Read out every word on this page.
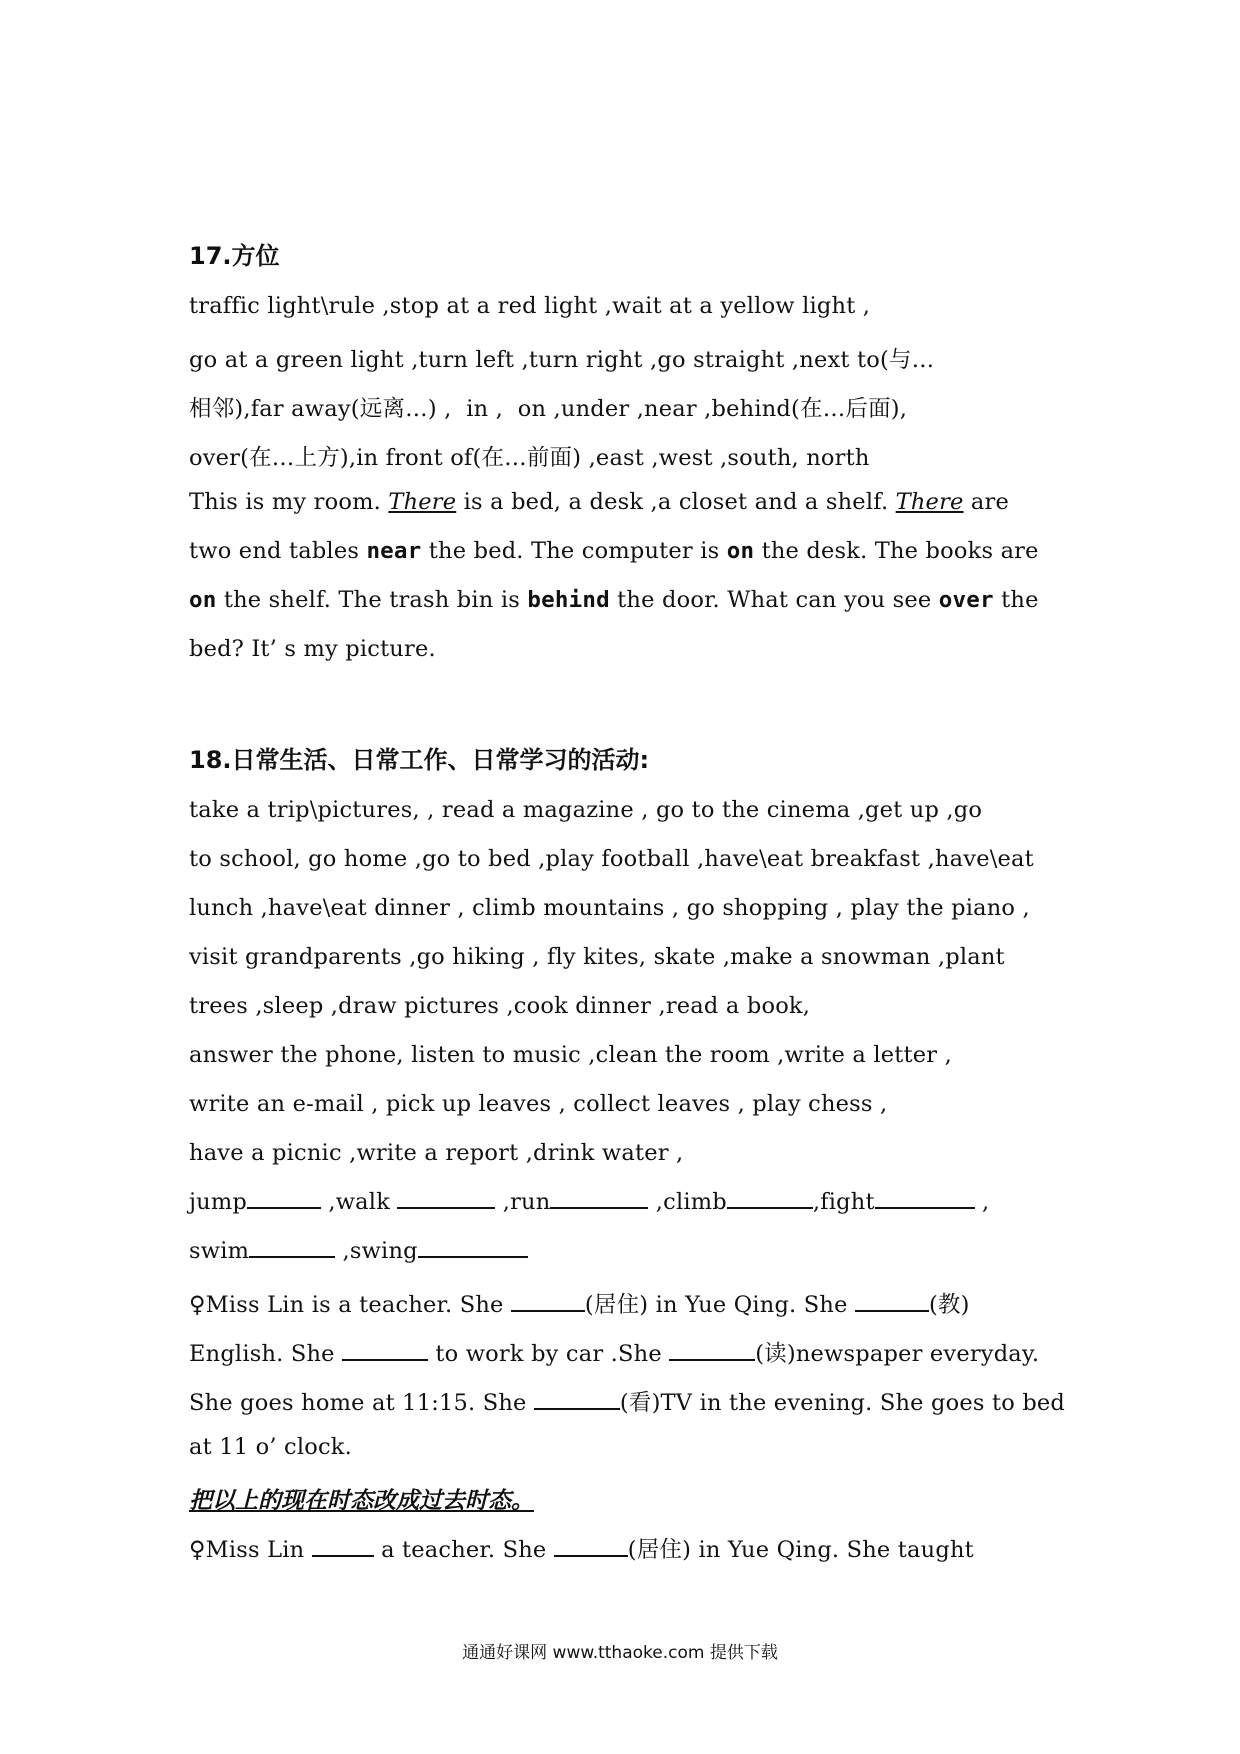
17.方位
traffic light\rule ,stop at a red light ,wait at a yellow light ,
go at a green light ,turn left ,turn right ,go straight ,next to(与…
相邻),far away(远离…) ,  in ,  on ,under ,near ,behind(在…后面),
over(在…上方),in front of(在…前面) ,east ,west ,south, north
This is my room. There is a bed, a desk ,a closet and a shelf. There are
two end tables near the bed. The computer is on the desk. The books are
on the shelf. The trash bin is behind the door. What can you see over the
bed? It’ s my picture.
18.日常生活、日常工作、日常学习的活动:
take a trip\pictures, , read a magazine , go to the cinema ,get up ,go
to school, go home ,go to bed ,play football ,have\eat breakfast ,have\eat
lunch ,have\eat dinner , climb mountains , go shopping , play the piano ,
visit grandparents ,go hiking , fly kites, skate ,make a snowman ,plant
trees ,sleep ,draw pictures ,cook dinner ,read a book,
answer the phone, listen to music ,clean the room ,write a letter ,
write an e-mail , pick up leaves , collect leaves , play chess ,
have a picnic ,write a report ,drink water ,
jump	,walk	,run	,climb	,fight	,
swim	,swing
♀Miss Lin is a teacher. She	(居住) in Yue Qing. She	(教)
English. She	to work by car .She	(读)newspaper everyday.
She goes home at 11:15. She	(看)TV in the evening. She goes to bed
at 11 o’ clock.
把以上的现在时态改成过去时态。
♀Miss Lin	a teacher. She	(居住) in Yue Qing. She taught
通通好课网 www.tthaoke.com 提供下载
